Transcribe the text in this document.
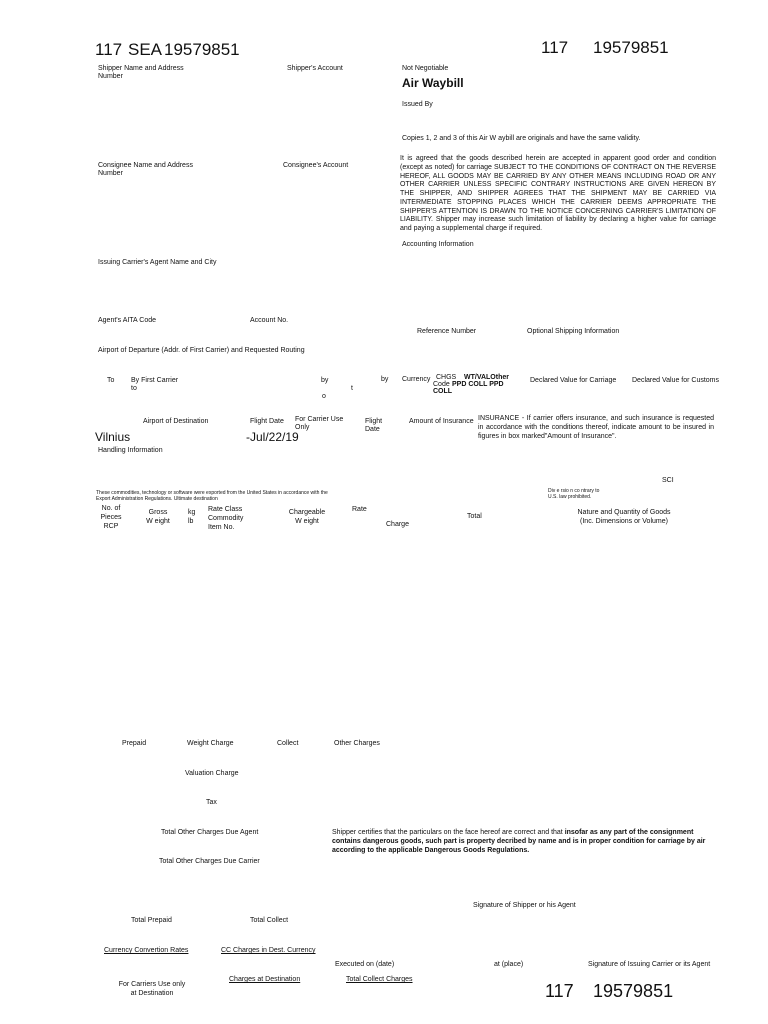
117 SEA 19579851	117 19579851
Shipper Name and Address
Number
Shipper's Account	Not Negotiable
Air Waybill
Issued By
Copies 1, 2 and 3 of this Air W aybill are originals and have the same validity.
It is agreed that the goods described herein are accepted in apparent good order and condition (except as noted) for carriage SUBJECT TO THE CONDITIONS OF CONTRACT ON THE REVERSE HEREOF, ALL GOODS MAY BE CARRIED BY ANY OTHER MEANS INCLUDING ROAD OR ANY OTHER CARRIER UNLESS SPECIFIC CONTRARY INSTRUCTIONS ARE GIVEN HEREON BY THE SHIPPER, AND SHIPPER AGREES THAT THE SHIPMENT MAY BE CARRIED VIA INTERMEDIATE STOPPING PLACES WHICH THE CARRIER DEEMS APPROPRIATE THE SHIPPER'S ATTENTION IS DRAWN TO THE NOTICE CONCERNING CARRIER'S LIMITATION OF LIABILITY. Shipper may increase such limitation of liability by declaring a higher value for carriage and paying a supplemental charge if required.
Accounting Information
Consignee Name and Address
Number
Consignee's Account
Issuing Carrier's Agent Name and City
Agent's AITA Code	Account No.
Reference Number	Optional Shipping Information
Airport of Departure (Addr. of First Carrier) and Requested Routing
To By First Carrier
to
by
t
o
by Currency CHGS
Code
WT/VALOther
PPD COLL PPD
COLL
Declared Value for Carriage Declared Value for Customs
Airport of Destination
Vilnius
Flight Date
-Jul/22/19
For Carrier Use
Only
Flight
Date
Amount of Insurance INSURANCE - If carrier offers insurance, and such insurance is requested in accordance with the conditions thereof, indicate amount to be insured in figures in box marked"Amount of Insurance".
Handling Information
SCI
These commodities, technology or software were exported from the United States in accordance with the Export Administration Regulations. Ultimate destination
Div e rsio n co ntrary to
U.S. law prohibited.
No. of
Pieces
RCP
Gross
W eight
kg
lb
Rate Class
Commodity
Item No.
Chargeable
W eight
Rate
Charge
Total
Nature and Quantity of Goods
(Inc. Dimensions or Volume)
Prepaid	Weight Charge	Collect	Other Charges
Valuation Charge
Tax
Total Other Charges Due Agent
Total Other Charges Due Carrier
Total Prepaid	Total Collect
Currency Convertion Rates	CC Charges in Dest. Currency
For Carriers Use only
at Destination
Charges at Destination	Total Collect Charges
Shipper certifies that the particulars on the face hereof are correct and that insofar as any part of the consignment contains dangerous goods, such part is property decribed by name and is in proper condition for carriage by air according to the applicable Dangerous Goods Regulations.
Signature of Shipper or his Agent
Executed on (date)	at (place)	Signature of Issuing Carrier or its Agent
117 19579851
